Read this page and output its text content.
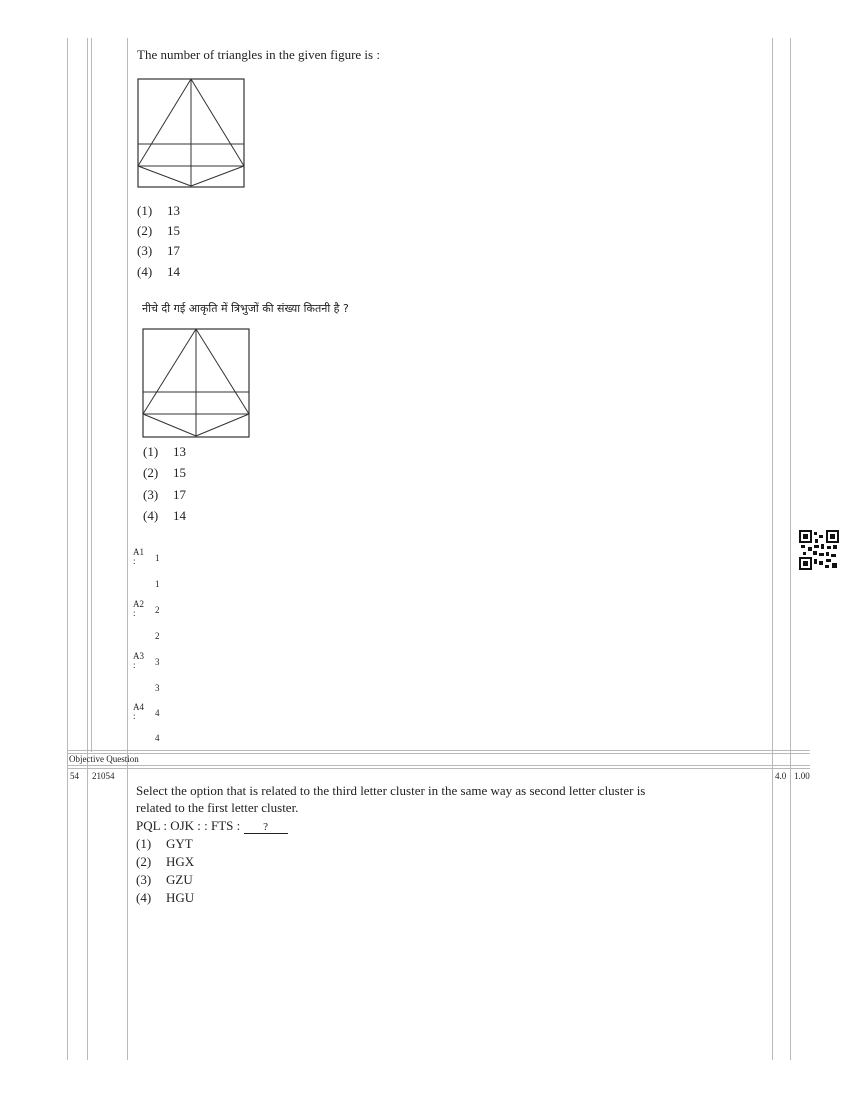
The number of triangles in the given figure is :
(1) 13
(2) 15
(3) 17
(4) 14
नीचे दी गई आकृति में त्रिभुजों की संख्या कितनी है ?
(1) 13
(2) 15
(3) 17
(4) 14
A1
:	1
1
A2
:	2
2
A3
:	3
3
A4
:	4
4
Objective Question
54 21054	4.0 1.00
Select the option that is related to the third letter cluster in the same way as second letter cluster is
related to the first letter cluster.
PQL : OJK : : FTS : ?
(1) GYT
(2) HGX
(3) GZU
(4) HGU
